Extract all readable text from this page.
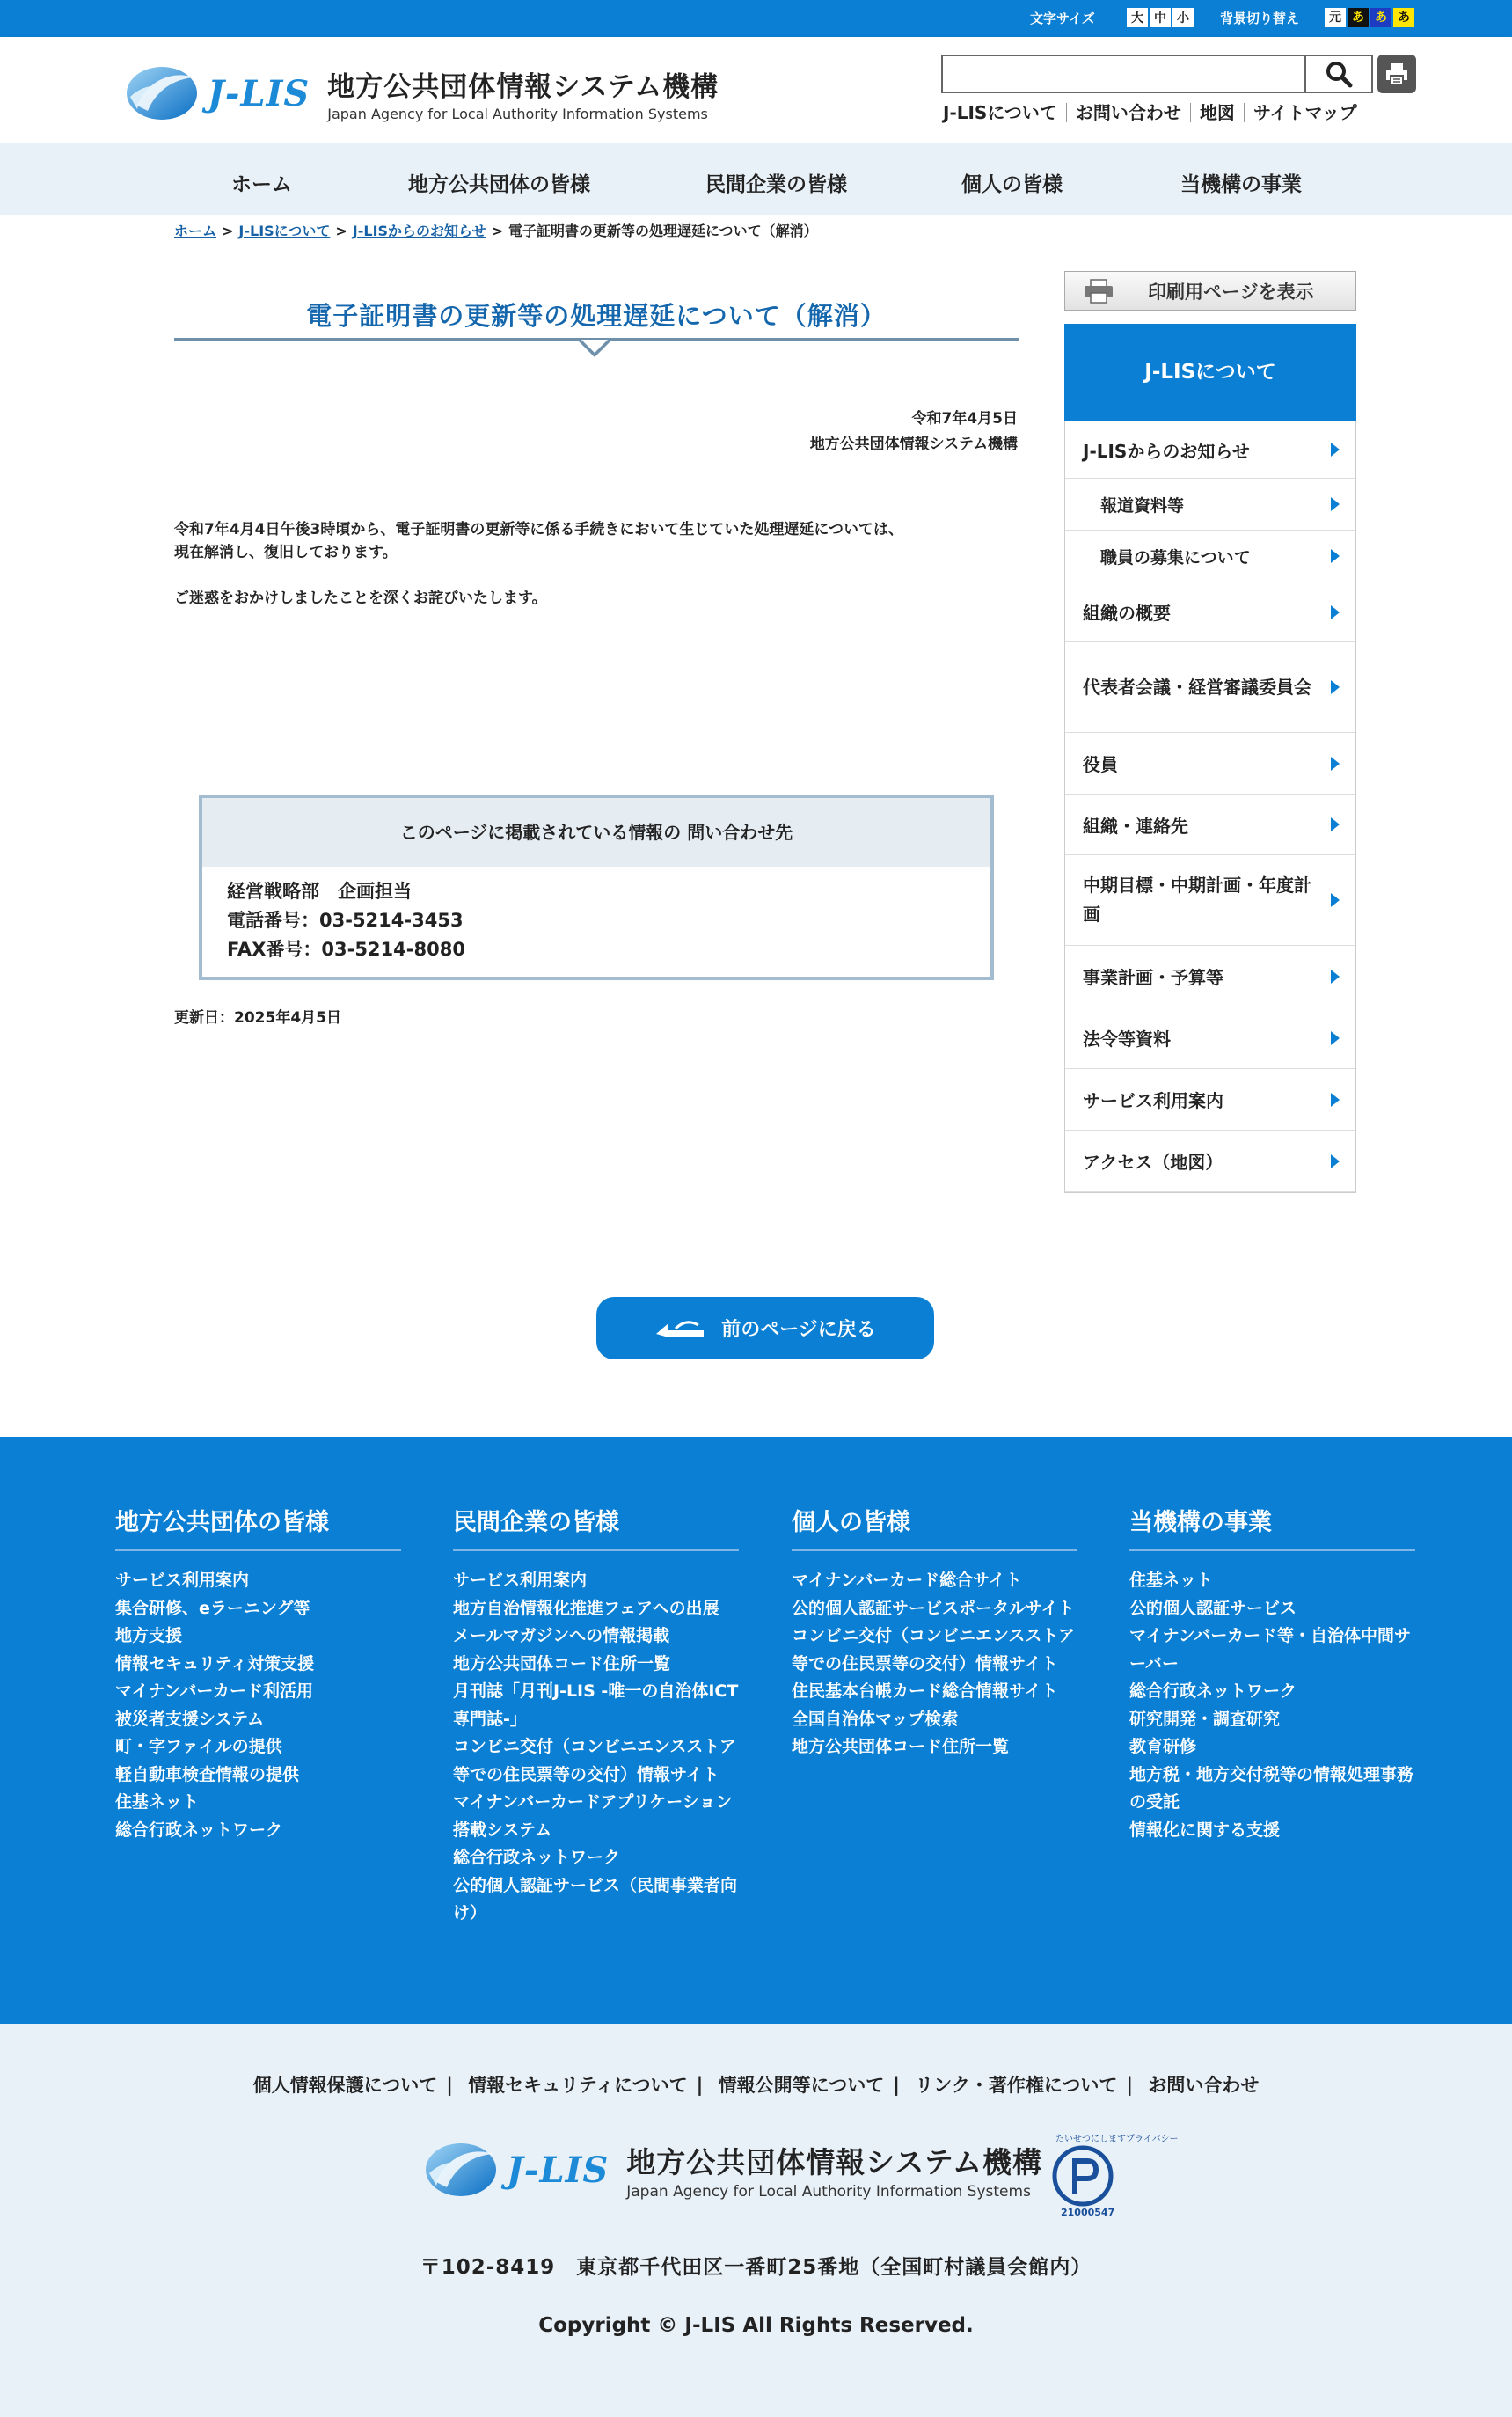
文字サイズ	大 中 小	背景切り替え	元 あ あ あ
J-LIS 地方公共団体情報システム機構
Japan Agency for Local Authority Information Systems	J-LISについて	お問い合わせ	地図	サイトマップ
ホーム	地方公共団体の皆様	民間企業の皆様	個人の皆様	当機構の事業
ホーム > J-LISについて > J-LISからのお知らせ > 電子証明書の更新等の処理遅延について（解消）
電子証明書の更新等の処理遅延について（解消）
令和7年4月5日
地方公共団体情報システム機構

令和7年4月4日午後3時頃から、電子証明書の更新等に係る手続きにおいて生じていた処理遅延については、
現在解消し、復旧しております。

ご迷惑をおかけしましたことを深くお詫びいたします。

このページに掲載されている情報の 問い合わせ先
経営戦略部　企画担当
電話番号：03-5214-3453
FAX番号：03-5214-8080
更新日：2025年4月5日
印刷用ページを表示
J-LISについて
J-LISからのお知らせ
報道資料等
職員の募集について
組織の概要
代表者会議・経営審議委員会
役員
組織・連絡先
中期目標・中期計画・年度計画
事業計画・予算等
法令等資料
サービス利用案内
アクセス（地図）
前のページに戻る
地方公共団体の皆様
サービス利用案内
集合研修、eラーニング等
地方支援
情報セキュリティ対策支援
マイナンバーカード利活用
被災者支援システム
町・字ファイルの提供
軽自動車検査情報の提供
住基ネット
総合行政ネットワーク
民間企業の皆様
サービス利用案内
地方自治情報化推進フェアへの出展
メールマガジンへの情報掲載
地方公共団体コード住所一覧
月刊誌「月刊J-LIS -唯一の自治体ICT専門誌-」
コンビニ交付（コンビニエンスストア等での住民票等の交付）情報サイト
マイナンバーカードアプリケーション搭載システム
総合行政ネットワーク
公的個人認証サービス（民間事業者向け）
個人の皆様
マイナンバーカード総合サイト
公的個人認証サービスポータルサイト
コンビニ交付（コンビニエンスストア等での住民票等の交付）情報サイト
住民基本台帳カード総合情報サイト
全国自治体マップ検索
地方公共団体コード住所一覧
当機構の事業
住基ネット
公的個人認証サービス
マイナンバーカード等・自治体中間サーバー
総合行政ネットワーク
研究開発・調査研究
教育研修
地方税・地方交付税等の情報処理事務の受託
情報化に関する支援
個人情報保護について | 情報セキュリティについて | 情報公開等について | リンク・著作権について | お問い合わせ
J-LIS 地方公共団体情報システム機構
Japan Agency for Local Authority Information Systems
たいせつにしますプライバシー
21000547
〒102-8419　東京都千代田区一番町25番地（全国町村議員会館内）
Copyright © J-LIS All Rights Reserved.
